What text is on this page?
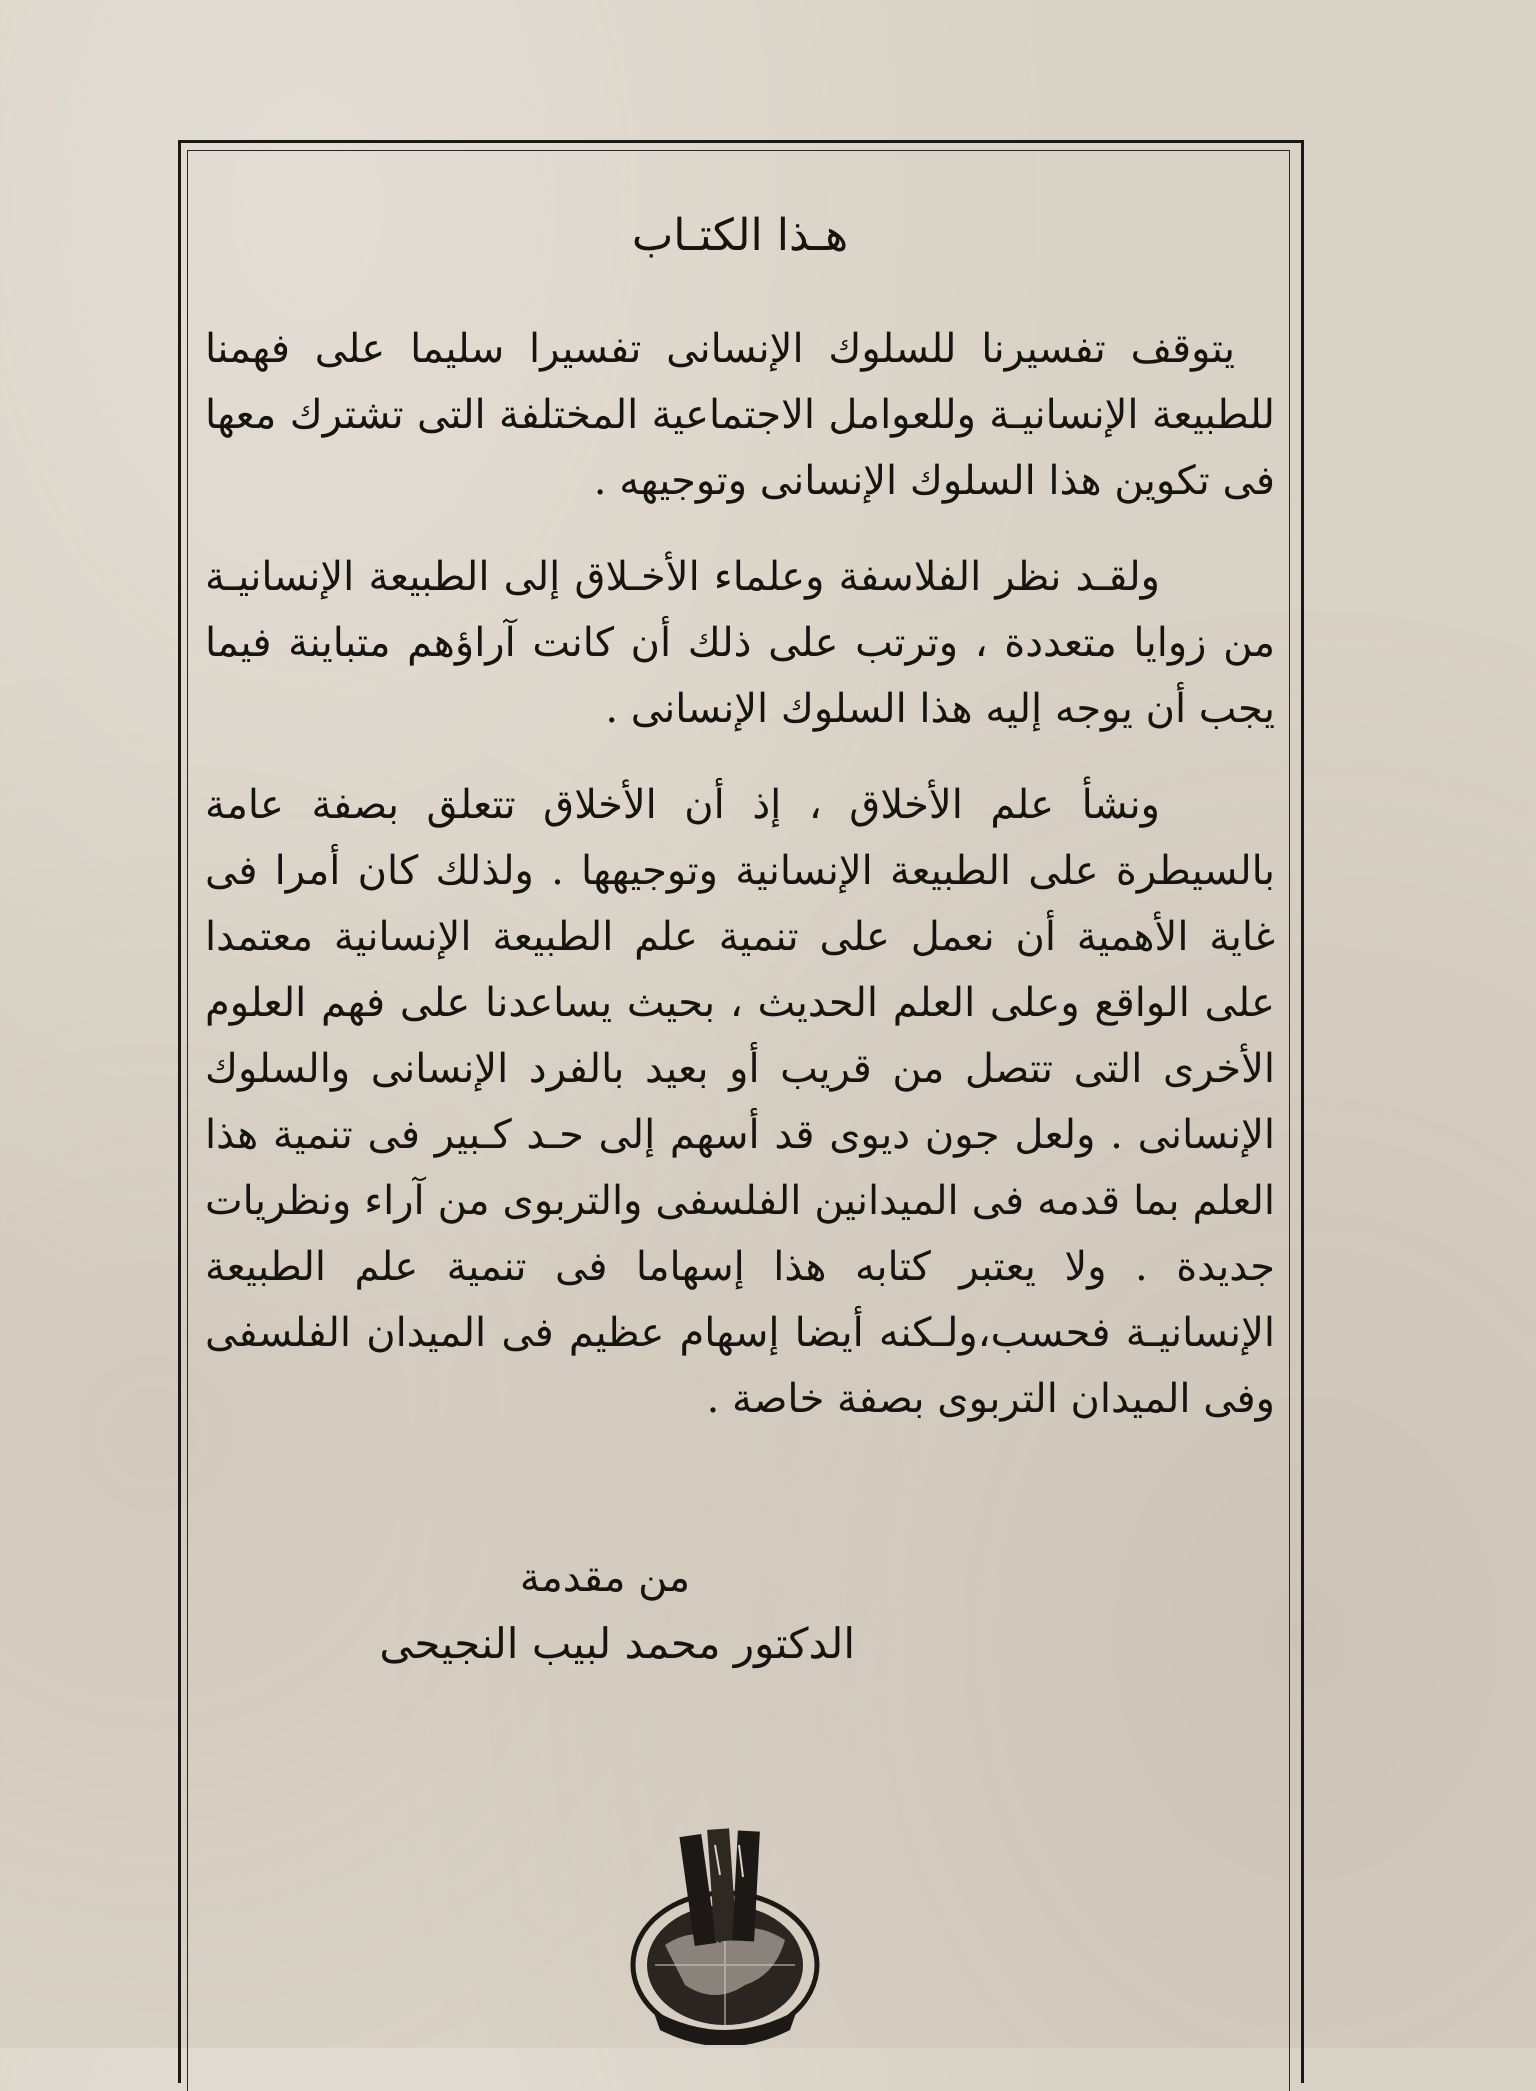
هـذا الكتـاب

يتوقف تفسيرنا للسلوك الإنسانى تفسيرا سليما على فهمنا للطبيعة الإنسانيـة وللعوامل الاجتماعية المختلفة التى تشترك معها فى تكوين هذا السلوك الإنسانى وتوجيهه .

ولقـد نظر الفلاسفة وعلماء الأخـلاق إلى الطبيعة الإنسانيـة من زوايا متعددة ، وترتب على ذلك أن كانت آراؤهم متباينة فيما يجب أن يوجه إليه هذا السلوك الإنسانى .

ونشأ علم الأخلاق ، إذ أن الأخلاق تتعلق بصفة عامة بالسيطرة على الطبيعة الإنسانية وتوجيهها . ولذلك كان أمرا فى غاية الأهمية أن نعمل على تنمية علم الطبيعة الإنسانية معتمدا على الواقع وعلى العلم الحديث ، بحيث يساعدنا على فهم العلوم الأخرى التى تتصل من قريب أو بعيد بالفرد الإنسانى والسلوك الإنسانى . ولعل جون ديوى قد أسهم إلى حـد كـبير فى تنمية هذا العلم بما قدمه فى الميدانين الفلسفى والتربوى من آراء ونظريات جديدة . ولا يعتبر كتابه هذا إسهاما فى تنمية علم الطبيعة الإنسانيـة فحسب،ولـكنه أيضا إسهام عظيم فى الميدان الفلسفى وفى الميدان التربوى بصفة خاصة .

من مقدمة

الدكتور محمد لبيب النجيحى
